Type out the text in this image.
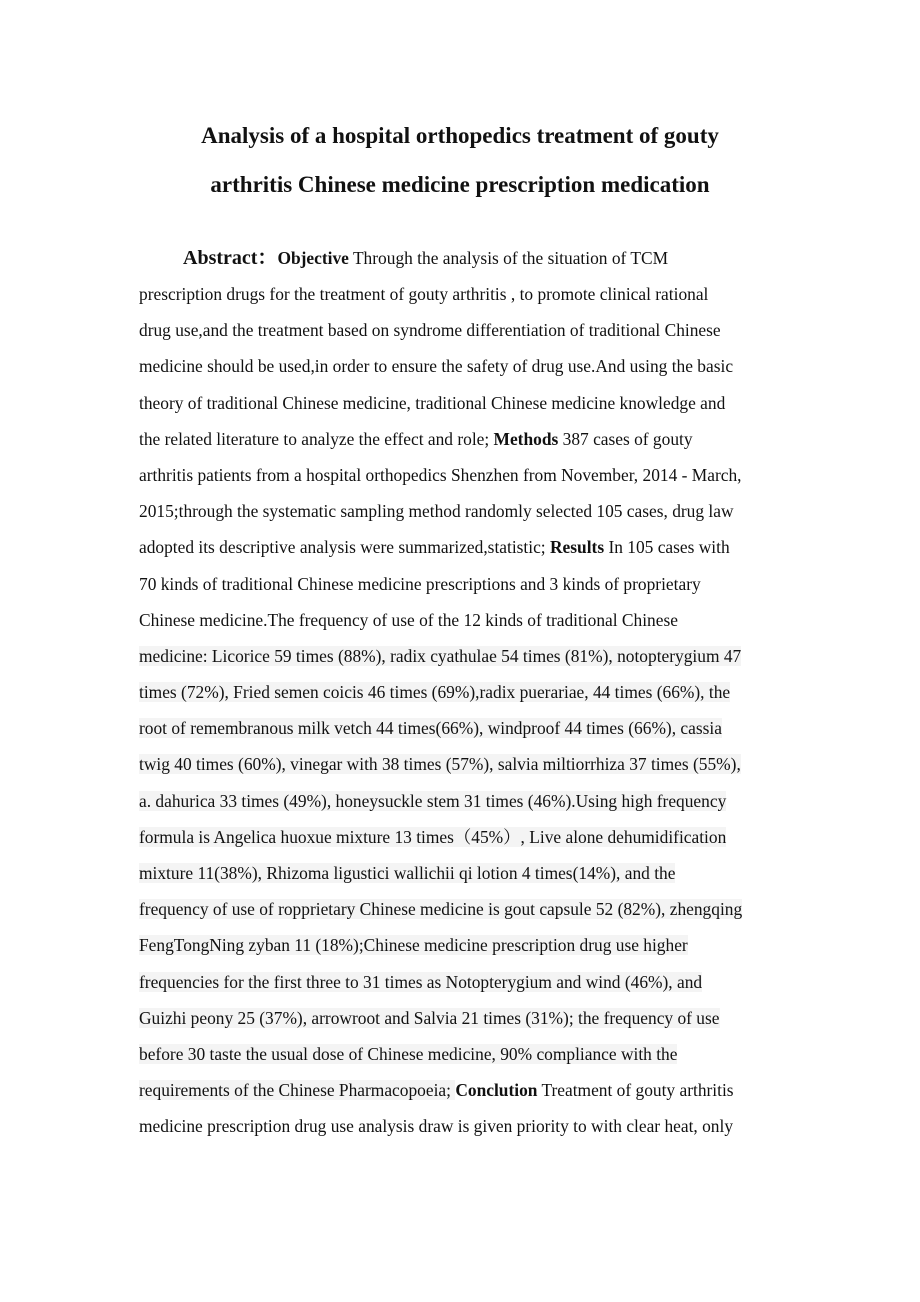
Analysis of a hospital orthopedics treatment of gouty
arthritis Chinese medicine prescription medication
Abstract：Objective Through the analysis of the situation of TCM
prescription drugs for the treatment of gouty arthritis , to promote clinical rational
drug use,and the treatment based on syndrome differentiation of traditional Chinese
medicine should be used,in order to ensure the safety of drug use.And using the basic
theory of traditional Chinese medicine, traditional Chinese medicine knowledge and
the related literature to analyze the effect and role; Methods 387 cases of gouty
arthritis patients from a hospital orthopedics Shenzhen from November, 2014 - March,
2015;through the systematic sampling method randomly selected 105 cases, drug law
adopted its descriptive analysis were summarized,statistic; Results In 105 cases with
70 kinds of traditional Chinese medicine prescriptions and 3 kinds of proprietary
Chinese medicine.The frequency of use of the 12 kinds of traditional Chinese
medicine: Licorice 59 times (88%), radix cyathulae 54 times (81%), notopterygium 47
times (72%), Fried semen coicis 46 times (69%),radix puerariae, 44 times (66%), the
root of remembranous milk vetch 44 times(66%), windproof 44 times (66%), cassia
twig 40 times (60%), vinegar with 38 times (57%), salvia miltiorrhiza 37 times (55%),
a. dahurica 33 times (49%), honeysuckle stem 31 times (46%).Using high frequency
formula is Angelica huoxue mixture 13 times（45%）, Live alone dehumidification
mixture 11(38%), Rhizoma ligustici wallichii qi lotion 4 times(14%), and the
frequency of use of ropprietary Chinese medicine is gout capsule 52 (82%), zhengqing
FengTongNing zyban 11 (18%);Chinese medicine prescription drug use higher
frequencies for the first three to 31 times as Notopterygium and wind (46%), and
Guizhi peony 25 (37%), arrowroot and Salvia 21 times (31%); the frequency of use
before 30 taste the usual dose of Chinese medicine, 90% compliance with the
requirements of the Chinese Pharmacopoeia; Conclution Treatment of gouty arthritis
medicine prescription drug use analysis draw is given priority to with clear heat, only
